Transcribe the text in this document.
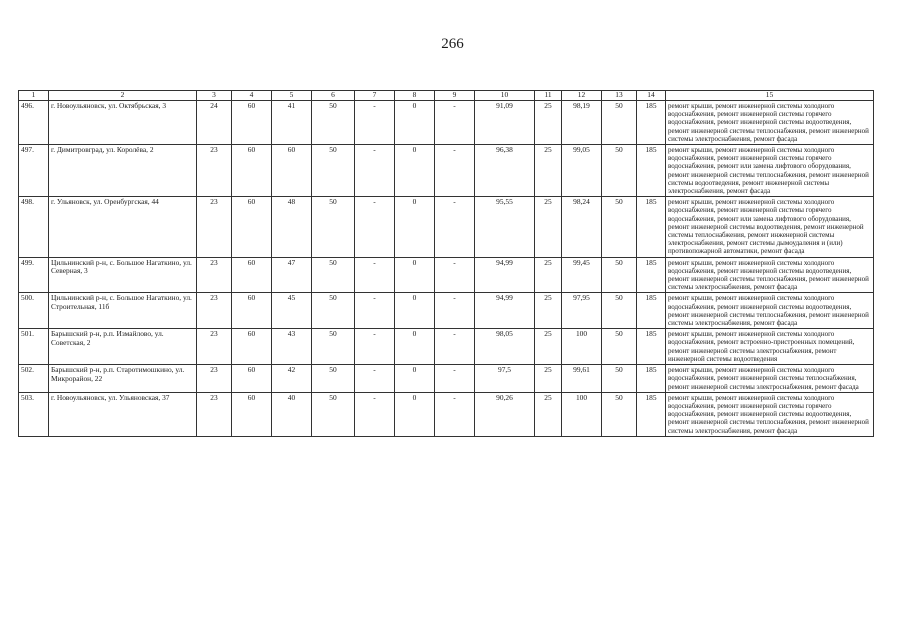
266
1	2	3	4	5	6	7	8	9	10	11	12	13	14	15
496.	г. Новоульяновск, ул. Октябрьская, 3	24	60	41	50	-	0	-	91,09	25	98,19	50	185	ремонт крыши, ремонт инженерной системы холодного водоснабжения, ремонт инженерной системы горячего водоснабжения, ремонт инженерной системы водоотведения, ремонт инженерной системы теплоснабжения, ремонт инженерной системы электроснабжения, ремонт фасада
497.	г. Димитровград, ул. Королёва, 2	23	60	60	50	-	0	-	96,38	25	99,05	50	185	ремонт крыши, ремонт инженерной системы холодного водоснабжения, ремонт инженерной системы горячего водоснабжения, ремонт или замена лифтового оборудования, ремонт инженерной системы теплоснабжения, ремонт инженерной системы водоотведения, ремонт инженерной системы электроснабжения, ремонт фасада
498.	г. Ульяновск, ул. Оренбургская, 44	23	60	48	50	-	0	-	95,55	25	98,24	50	185	ремонт крыши, ремонт инженерной системы холодного водоснабжения, ремонт инженерной системы горячего водоснабжения, ремонт или замена лифтового оборудования, ремонт инженерной системы водоотведения, ремонт инженерной системы теплоснабжения, ремонт инженерной системы электроснабжения, ремонт системы дымоудаления и (или) противопожарной автоматики, ремонт фасада
499.	Цильнинский р-н, с. Большое Нагаткино, ул. Северная, 3	23	60	47	50	-	0	-	94,99	25	99,45	50	185	ремонт крыши, ремонт инженерной системы холодного водоснабжения, ремонт инженерной системы водоотведения, ремонт инженерной системы теплоснабжения, ремонт инженерной системы электроснабжения, ремонт фасада
500.	Цильнинский р-н, с. Большое Нагаткино, ул. Строительная, 11б	23	60	45	50	-	0	-	94,99	25	97,95	50	185	ремонт крыши, ремонт инженерной системы холодного водоснабжения, ремонт инженерной системы водоотведения, ремонт инженерной системы теплоснабжения, ремонт инженерной системы электроснабжения, ремонт фасада
501.	Барышский р-н, р.п. Измайлово, ул. Советская, 2	23	60	43	50	-	0	-	98,05	25	100	50	185	ремонт крыши, ремонт инженерной системы холодного водоснабжения, ремонт встроенно-пристроенных помещений, ремонт инженерной системы электроснабжения, ремонт инженерной системы водоотведения
502.	Барышский р-н, р.п. Старотимошкино, ул. Микрорайон, 22	23	60	42	50	-	0	-	97,5	25	99,61	50	185	ремонт крыши, ремонт инженерной системы холодного водоснабжения, ремонт инженерной системы теплоснабжения, ремонт инженерной системы электроснабжения, ремонт фасада
503.	г. Новоульяновск, ул. Ульяновская, 37	23	60	40	50	-	0	-	90,26	25	100	50	185	ремонт крыши, ремонт инженерной системы холодного водоснабжения, ремонт инженерной системы горячего водоснабжения, ремонт инженерной системы водоотведения, ремонт инженерной системы теплоснабжения, ремонт инженерной системы электроснабжения, ремонт фасада
